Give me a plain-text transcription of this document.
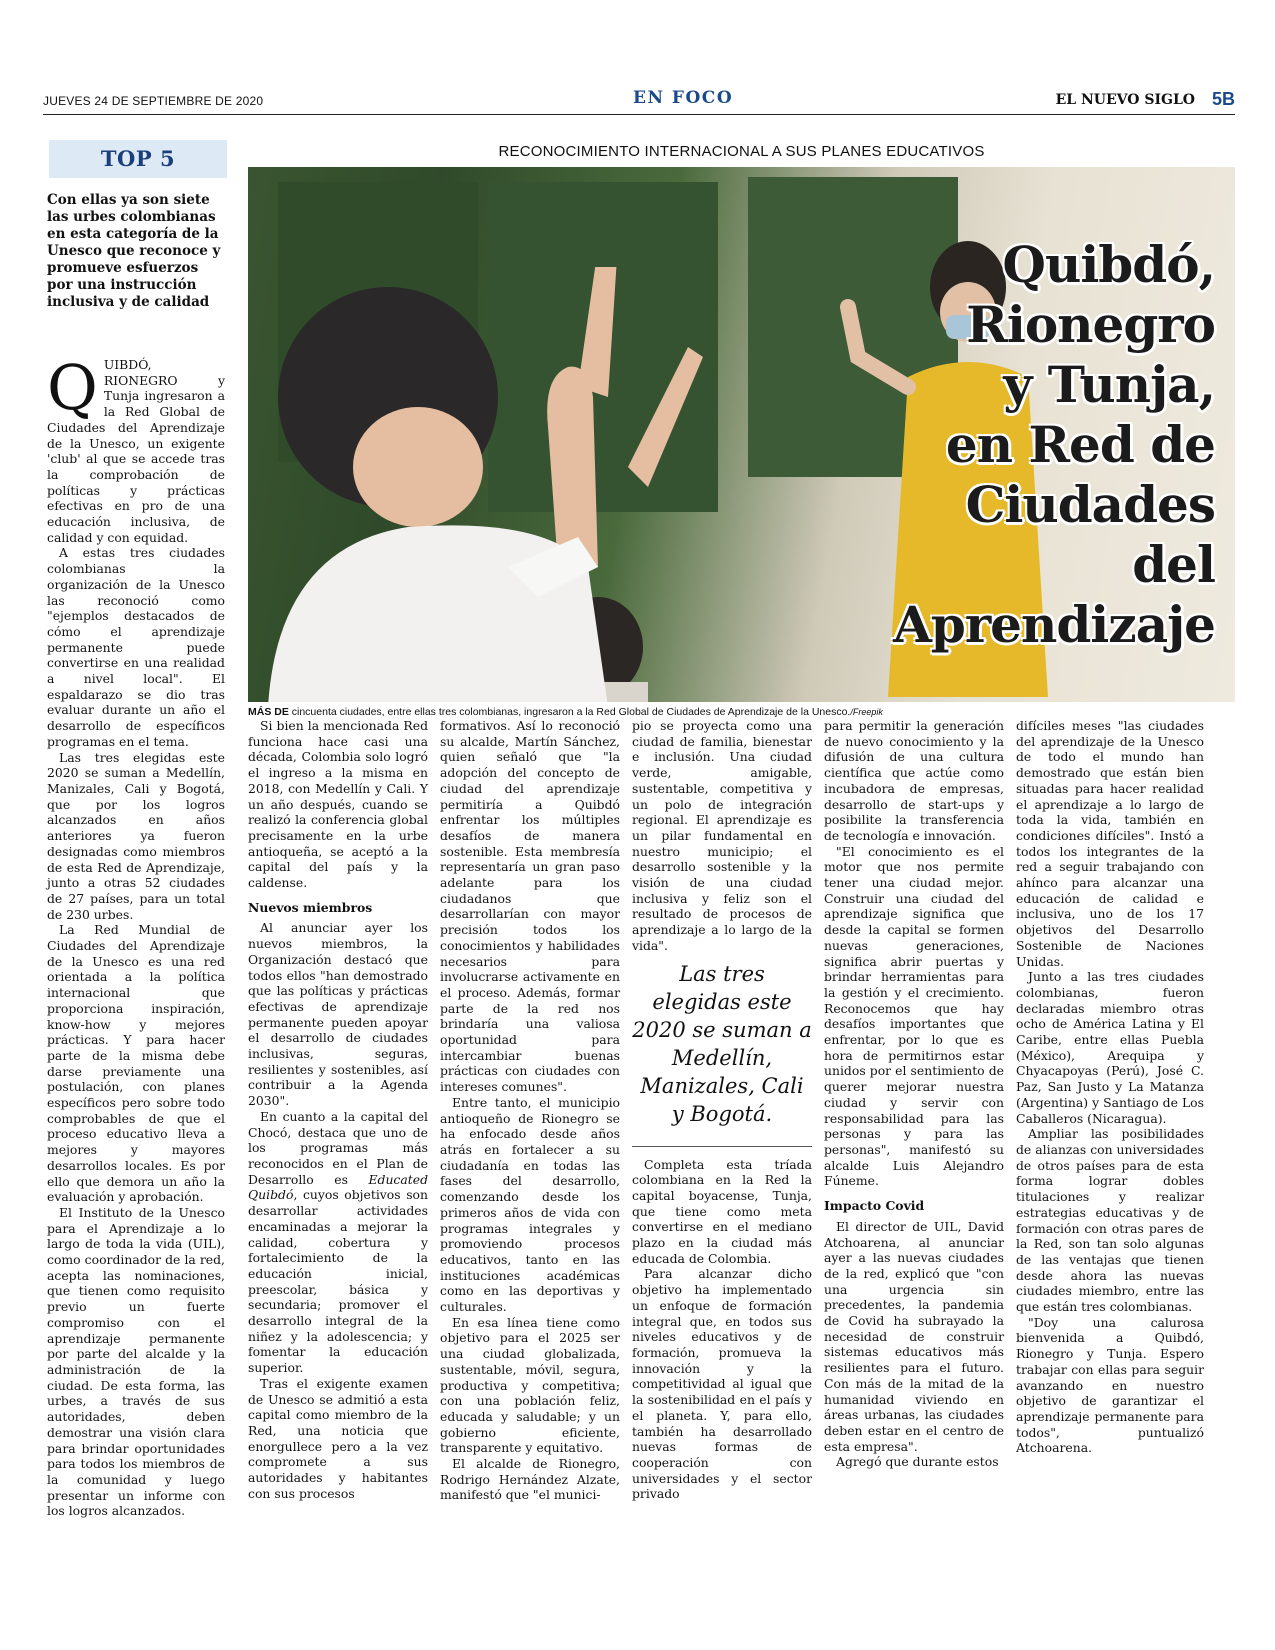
JUEVES 24 DE SEPTIEMBRE DE 2020	EN FOCO	EL NUEVO SIGLO 5B
TOP 5
Con ellas ya son siete las urbes colombianas en esta categoría de la Unesco que reconoce y promueve esfuerzos por una instrucción inclusiva y de calidad
RECONOCIMIENTO INTERNACIONAL A SUS PLANES EDUCATIVOS
Quibdó,
Rionegro
y Tunja,
en Red de
Ciudades del
Aprendizaje
MÁS DE cincuenta ciudades, entre ellas tres colombianas, ingresaron a la Red Global de Ciudades de Aprendizaje de la Unesco./Freepik

QUIBDÓ, RIONEGRO y Tunja ingresaron a la Red Global de Ciudades del Aprendizaje de la Unesco, un exigente 'club' al que se accede tras la comprobación de políticas y prácticas efectivas en pro de una educación inclusiva, de calidad y con equidad.

A estas tres ciudades colombianas la organización de la Unesco las reconoció como "ejemplos destacados de cómo el aprendizaje permanente puede convertirse en una realidad a nivel local". El espaldarazo se dio tras evaluar durante un año el desarrollo de específicos programas en el tema.

Las tres elegidas este 2020 se suman a Medellín, Manizales, Cali y Bogotá, que por los logros alcanzados en años anteriores ya fueron designadas como miembros de esta Red de Aprendizaje, junto a otras 52 ciudades de 27 países, para un total de 230 urbes.

La Red Mundial de Ciudades del Aprendizaje de la Unesco es una red orientada a la política internacional que proporciona inspiración, know-how y mejores prácticas. Y para hacer parte de la misma debe darse previamente una postulación, con planes específicos pero sobre todo comprobables de que el proceso educativo lleva a mejores y mayores desarrollos locales. Es por ello que demora un año la evaluación y aprobación.

El Instituto de la Unesco para el Aprendizaje a lo largo de toda la vida (UIL), como coordinador de la red, acepta las nominaciones, que tienen como requisito previo un fuerte compromiso con el aprendizaje permanente por parte del alcalde y la administración de la ciudad. De esta forma, las urbes, a través de sus autoridades, deben demostrar una visión clara para brindar oportunidades para todos los miembros de la comunidad y luego presentar un informe con los logros alcanzados.

Si bien la mencionada Red funciona hace casi una década, Colombia solo logró el ingreso a la misma en 2018, con Medellín y Cali. Y un año después, cuando se realizó la conferencia global precisamente en la urbe antioqueña, se aceptó a la capital del país y la caldense.

Nuevos miembros

Al anunciar ayer los nuevos miembros, la Organización destacó que todos ellos "han demostrado que las políticas y prácticas efectivas de aprendizaje permanente pueden apoyar el desarrollo de ciudades inclusivas, seguras, resilientes y sostenibles, así contribuir a la Agenda 2030".

En cuanto a la capital del Chocó, destaca que uno de los programas más reconocidos en el Plan de Desarrollo es Educated Quibdó, cuyos objetivos son desarrollar actividades encaminadas a mejorar la calidad, cobertura y fortalecimiento de la educación inicial, preescolar, básica y secundaria; promover el desarrollo integral de la niñez y la adolescencia; y fomentar la educación superior.

Tras el exigente examen de Unesco se admitió a esta capital como miembro de la Red, una noticia que enorgullece pero a la vez compromete a sus autoridades y habitantes con sus procesos

formativos. Así lo reconoció su alcalde, Martín Sánchez, quien señaló que "la adopción del concepto de ciudad del aprendizaje permitiría a Quibdó enfrentar los múltiples desafíos de manera sostenible. Esta membresía representaría un gran paso adelante para los ciudadanos que desarrollarían con mayor precisión todos los conocimientos y habilidades necesarios para involucrarse activamente en el proceso. Además, formar parte de la red nos brindaría una valiosa oportunidad para intercambiar buenas prácticas con ciudades con intereses comunes".

Entre tanto, el municipio antioqueño de Rionegro se ha enfocado desde años atrás en fortalecer a su ciudadanía en todas las fases del desarrollo, comenzando desde los primeros años de vida con programas integrales y promoviendo procesos educativos, tanto en las instituciones académicas como en las deportivas y culturales.

En esa línea tiene como objetivo para el 2025 ser una ciudad globalizada, sustentable, móvil, segura, productiva y competitiva; con una población feliz, educada y saludable; y un gobierno eficiente, transparente y equitativo.

El alcalde de Rionegro, Rodrigo Hernández Alzate, manifestó que "el munici-

pio se proyecta como una ciudad de familia, bienestar e inclusión. Una ciudad verde, amigable, sustentable, competitiva y un polo de integración regional. El aprendizaje es un pilar fundamental en nuestro municipio; el desarrollo sostenible y la visión de una ciudad inclusiva y feliz son el resultado de procesos de aprendizaje a lo largo de la vida".

Las tres elegidas este 2020 se suman a Medellín, Manizales, Cali y Bogotá.

Completa esta tríada colombiana en la Red la capital boyacense, Tunja, que tiene como meta convertirse en el mediano plazo en la ciudad más educada de Colombia.

Para alcanzar dicho objetivo ha implementado un enfoque de formación integral que, en todos sus niveles educativos y de formación, promueva la innovación y la competitividad al igual que la sostenibilidad en el país y el planeta. Y, para ello, también ha desarrollado nuevas formas de cooperación con universidades y el sector privado

para permitir la generación de nuevo conocimiento y la difusión de una cultura científica que actúe como incubadora de empresas, desarrollo de start-ups y posibilite la transferencia de tecnología e innovación.

"El conocimiento es el motor que nos permite tener una ciudad mejor. Construir una ciudad del aprendizaje significa que desde la capital se formen nuevas generaciones, significa abrir puertas y brindar herramientas para la gestión y el crecimiento. Reconocemos que hay desafíos importantes que enfrentar, por lo que es hora de permitirnos estar unidos por el sentimiento de querer mejorar nuestra ciudad y servir con responsabilidad para las personas y para las personas", manifestó su alcalde Luis Alejandro Fúneme.

Impacto Covid

El director de UIL, David Atchoarena, al anunciar ayer a las nuevas ciudades de la red, explicó que "con una urgencia sin precedentes, la pandemia de Covid ha subrayado la necesidad de construir sistemas educativos más resilientes para el futuro. Con más de la mitad de la humanidad viviendo en áreas urbanas, las ciudades deben estar en el centro de esta empresa".

Agregó que durante estos

difíciles meses "las ciudades del aprendizaje de la Unesco de todo el mundo han demostrado que están bien situadas para hacer realidad el aprendizaje a lo largo de toda la vida, también en condiciones difíciles". Instó a todos los integrantes de la red a seguir trabajando con ahínco para alcanzar una educación de calidad e inclusiva, uno de los 17 objetivos del Desarrollo Sostenible de Naciones Unidas.

Junto a las tres ciudades colombianas, fueron declaradas miembro otras ocho de América Latina y El Caribe, entre ellas Puebla (México), Arequipa y Chyacapoyas (Perú), José C. Paz, San Justo y La Matanza (Argentina) y Santiago de Los Caballeros (Nicaragua).

Ampliar las posibilidades de alianzas con universidades de otros países para de esta forma lograr dobles titulaciones y realizar estrategias educativas y de formación con otras pares de la Red, son tan solo algunas de las ventajas que tienen desde ahora las nuevas ciudades miembro, entre las que están tres colombianas.

"Doy una calurosa bienvenida a Quibdó, Rionegro y Tunja. Espero trabajar con ellas para seguir avanzando en nuestro objetivo de garantizar el aprendizaje permanente para todos", puntualizó Atchoarena.
